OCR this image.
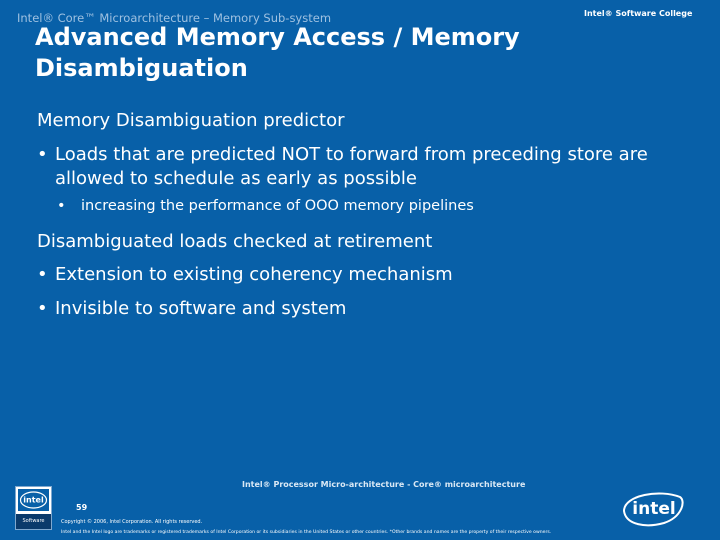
Intel® Core™ Microarchitecture – Memory Sub-system	Intel® Software College
Advanced Memory Access / Memory Disambiguation

Memory Disambiguation predictor

• Loads that are predicted NOT to forward from preceding store are allowed to schedule as early as possible
•	increasing the performance of OOO memory pipelines

Disambiguated loads checked at retirement

• Extension to existing coherency mechanism
• Invisible to software and system
Intel® Processor Micro-architecture - Core® microarchitecture
59
Copyright © 2006, Intel Corporation. All rights reserved.
Intel and the Intel logo are trademarks or registered trademarks of Intel Corporation or its subsidiaries in the United States or other countries. *Other brands and names are the property of their respective owners.
intel
Software
intel
